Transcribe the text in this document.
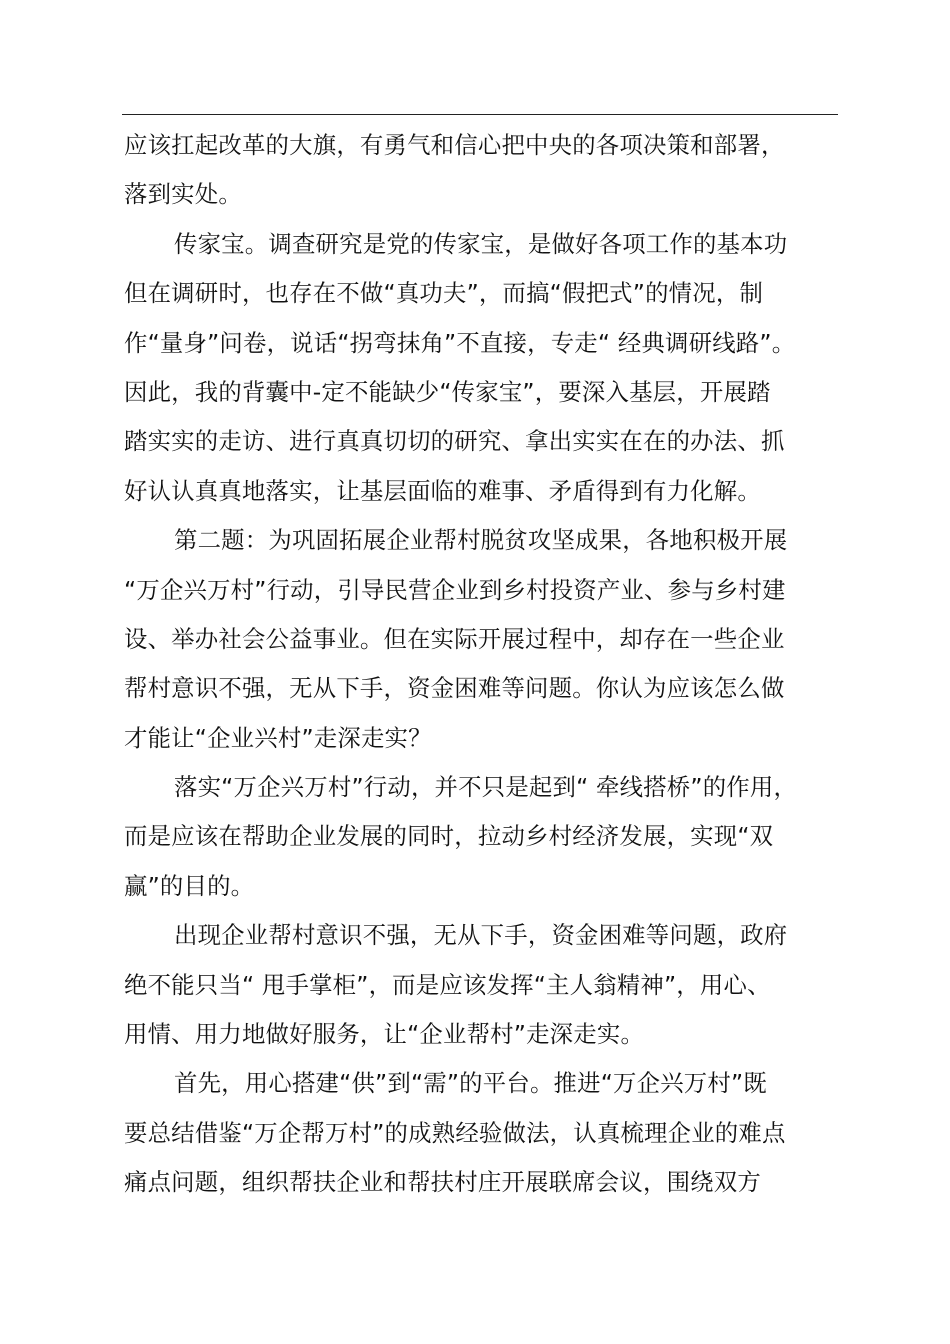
应该扛起改革的大旗，有勇气和信心把中央的各项决策和部署，
落到实处。
传家宝。调查研究是党的传家宝，是做好各项工作的基本功
但在调研时，也存在不做“真功夫”，而搞“假把式”的情况，制
作“量身”问卷，说话“拐弯抹角”不直接，专走“ 经典调研线路”。
因此，我的背囊中-定不能缺少“传家宝”，要深入基层，开展踏
踏实实的走访、进行真真切切的研究、拿出实实在在的办法、抓
好认认真真地落实，让基层面临的难事、矛盾得到有力化解。
第二题：为巩固拓展企业帮村脱贫攻坚成果，各地积极开展
“万企兴万村”行动，引导民营企业到乡村投资产业、参与乡村建
设、举办社会公益事业。但在实际开展过程中，却存在一些企业
帮村意识不强，无从下手，资金困难等问题。你认为应该怎么做
才能让“企业兴村”走深走实？
落实“万企兴万村”行动，并不只是起到“ 牵线搭桥”的作用，
而是应该在帮助企业发展的同时，拉动乡村经济发展，实现“双
赢”的目的。
出现企业帮村意识不强，无从下手，资金困难等问题，政府
绝不能只当“ 甩手掌柜”，而是应该发挥“主人翁精神”，用心、
用情、用力地做好服务，让“企业帮村”走深走实。
首先，用心搭建“供”到“需”的平台。推进“万企兴万村”既
要总结借鉴“万企帮万村”的成熟经验做法，认真梳理企业的难点
痛点问题，组织帮扶企业和帮扶村庄开展联席会议，围绕双方
